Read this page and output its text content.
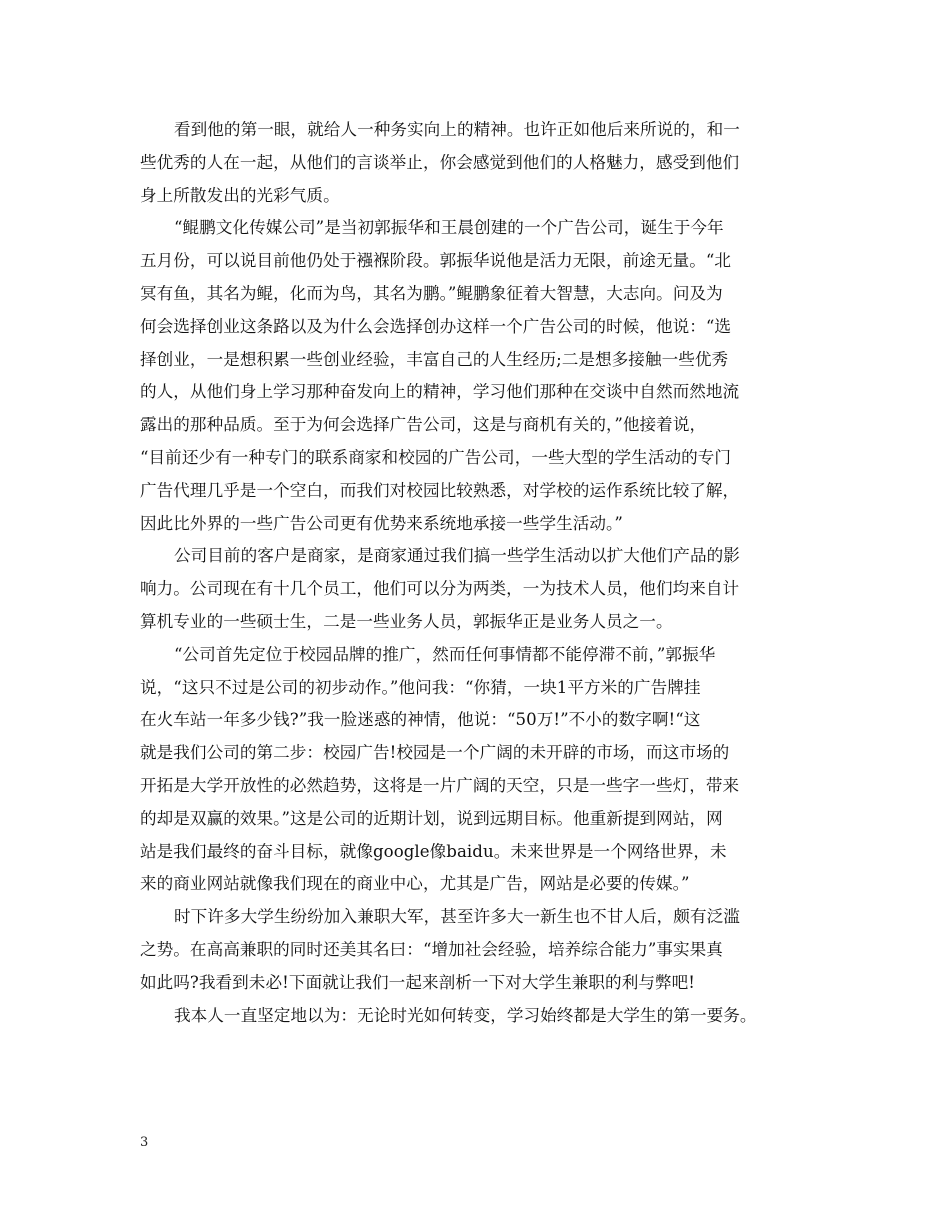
看到他的第一眼，就给人一种务实向上的精神。也许正如他后来所说的，和一
些优秀的人在一起，从他们的言谈举止，你会感觉到他们的人格魅力，感受到他们
身上所散发出的光彩气质。
“鲲鹏文化传媒公司”是当初郭振华和王晨创建的一个广告公司，诞生于今年
五月份，可以说目前他仍处于襁褓阶段。郭振华说他是活力无限，前途无量。“北
冥有鱼，其名为鲲，化而为鸟，其名为鹏。”鲲鹏象征着大智慧，大志向。问及为
何会选择创业这条路以及为什么会选择创办这样一个广告公司的时候，他说：“选
择创业，一是想积累一些创业经验，丰富自己的人生经历;二是想多接触一些优秀
的人，从他们身上学习那种奋发向上的精神，学习他们那种在交谈中自然而然地流
露出的那种品质。至于为何会选择广告公司，这是与商机有关的，”他接着说，
“目前还少有一种专门的联系商家和校园的广告公司，一些大型的学生活动的专门
广告代理几乎是一个空白，而我们对校园比较熟悉，对学校的运作系统比较了解，
因此比外界的一些广告公司更有优势来系统地承接一些学生活动。”
公司目前的客户是商家，是商家通过我们搞一些学生活动以扩大他们产品的影
响力。公司现在有十几个员工，他们可以分为两类，一为技术人员，他们均来自计
算机专业的一些硕士生，二是一些业务人员，郭振华正是业务人员之一。
“公司首先定位于校园品牌的推广，然而任何事情都不能停滞不前，”郭振华
说，“这只不过是公司的初步动作。”他问我：“你猜，一块1平方米的广告牌挂
在火车站一年多少钱?”我一脸迷惑的神情，他说：“50万!”不小的数字啊!“这
就是我们公司的第二步：校园广告!校园是一个广阔的未开辟的市场，而这市场的
开拓是大学开放性的必然趋势，这将是一片广阔的天空，只是一些字一些灯，带来
的却是双赢的效果。”这是公司的近期计划，说到远期目标。他重新提到网站，网
站是我们最终的奋斗目标，就像google像baidu。未来世界是一个网络世界，未
来的商业网站就像我们现在的商业中心，尤其是广告，网站是必要的传媒。”
时下许多大学生纷纷加入兼职大军，甚至许多大一新生也不甘人后，颇有泛滥
之势。在高高兼职的同时还美其名曰：“增加社会经验，培养综合能力”事实果真
如此吗?我看到未必!下面就让我们一起来剖析一下对大学生兼职的利与弊吧!
我本人一直坚定地以为：无论时光如何转变，学习始终都是大学生的第一要务。
3
